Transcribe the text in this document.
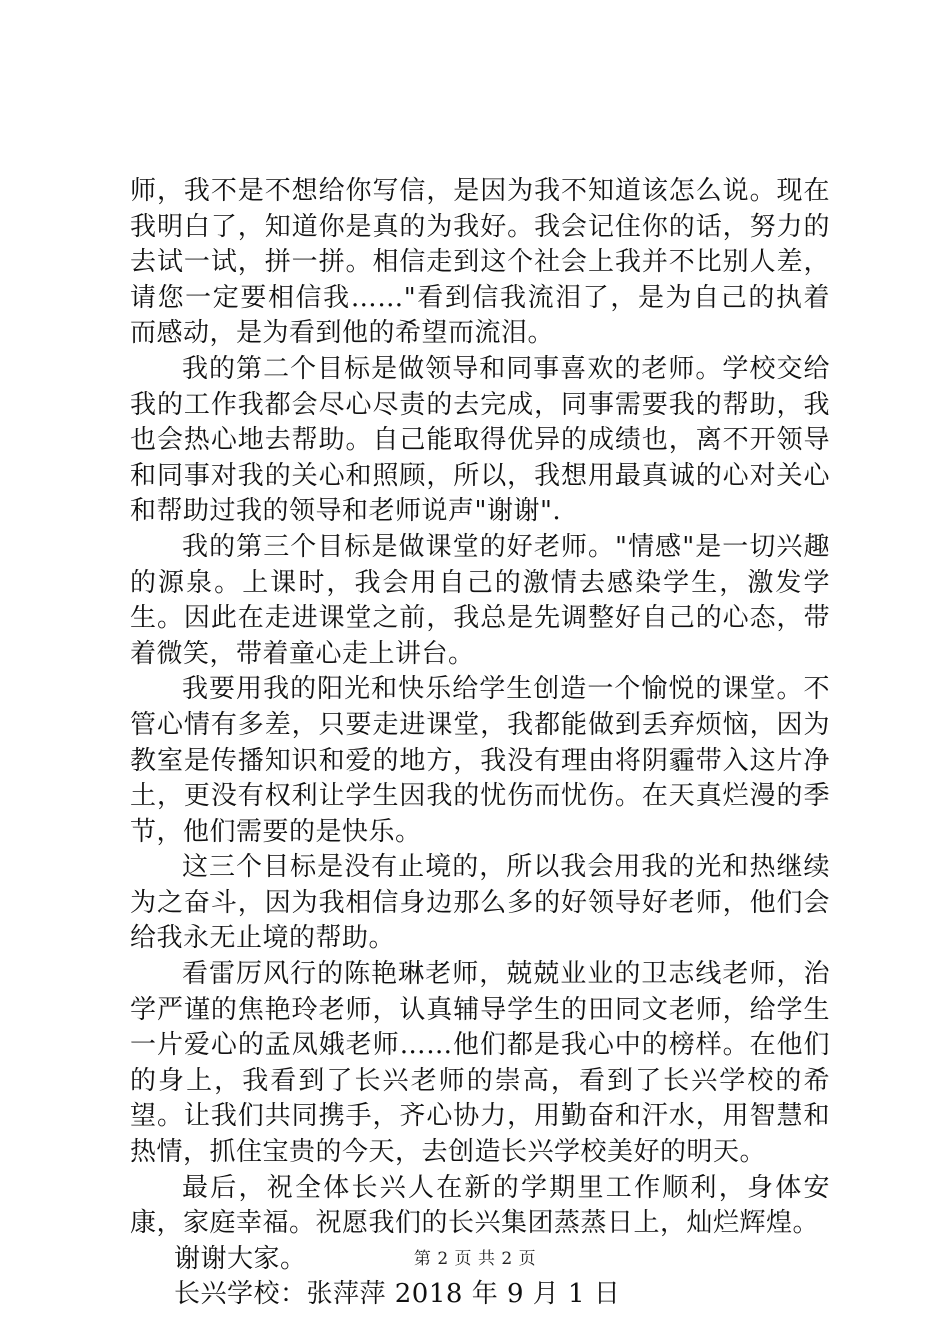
师，我不是不想给你写信，是因为我不知道该怎么说。现在我明白了，知道你是真的为我好。我会记住你的话，努力的去试一试，拼一拼。相信走到这个社会上我并不比别人差，请您一定要相信我……"看到信我流泪了，是为自己的执着而感动，是为看到他的希望而流泪。

我的第二个目标是做领导和同事喜欢的老师。学校交给我的工作我都会尽心尽责的去完成，同事需要我的帮助，我也会热心地去帮助。自己能取得优异的成绩也，离不开领导和同事对我的关心和照顾，所以，我想用最真诚的心对关心和帮助过我的领导和老师说声"谢谢".

我的第三个目标是做课堂的好老师。"情感"是一切兴趣的源泉。上课时，我会用自己的激情去感染学生，激发学生。因此在走进课堂之前，我总是先调整好自己的心态，带着微笑，带着童心走上讲台。

我要用我的阳光和快乐给学生创造一个愉悦的课堂。不管心情有多差，只要走进课堂，我都能做到丢弃烦恼，因为教室是传播知识和爱的地方，我没有理由将阴霾带入这片净土，更没有权利让学生因我的忧伤而忧伤。在天真烂漫的季节，他们需要的是快乐。

这三个目标是没有止境的，所以我会用我的光和热继续为之奋斗，因为我相信身边那么多的好领导好老师，他们会给我永无止境的帮助。

看雷厉风行的陈艳琳老师，兢兢业业的卫志线老师，治学严谨的焦艳玲老师，认真辅导学生的田同文老师，给学生一片爱心的孟凤娥老师……他们都是我心中的榜样。在他们的身上，我看到了长兴老师的崇高，看到了长兴学校的希望。让我们共同携手，齐心协力，用勤奋和汗水，用智慧和热情，抓住宝贵的今天，去创造长兴学校美好的明天。

最后，祝全体长兴人在新的学期里工作顺利，身体安康，家庭幸福。祝愿我们的长兴集团蒸蒸日上，灿烂辉煌。

谢谢大家。

长兴学校：张萍萍 2018 年 9 月 1 日

第 2 页 共 2 页
